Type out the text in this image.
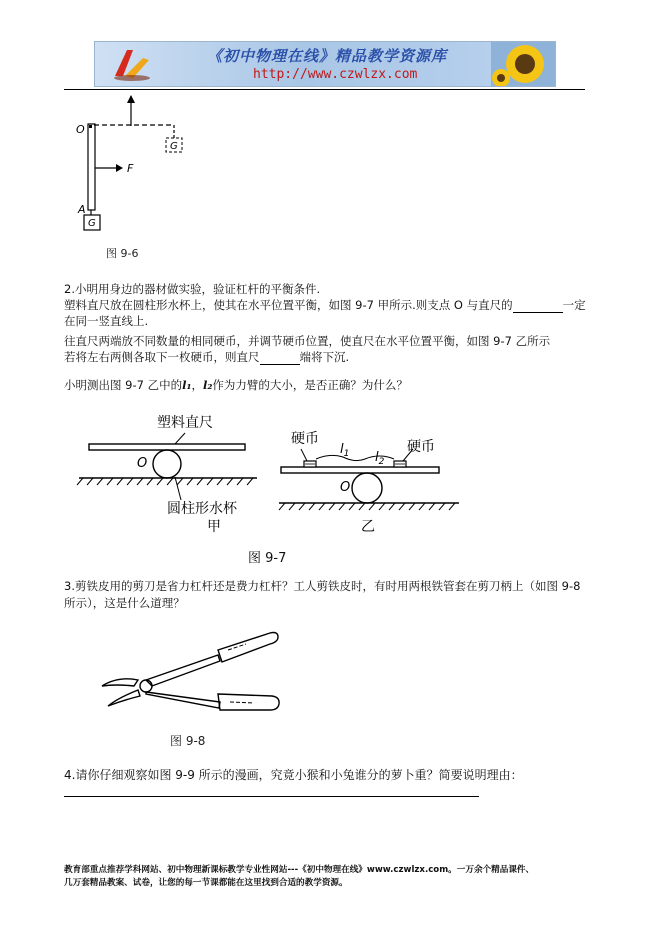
《初中物理在线》精品教学资源库
http://www.czwlzx.com
O
A
F
G
G
图 9-6
2.小明用身边的器材做实验，验证杠杆的平衡条件.
塑料直尺放在圆柱形水杯上，使其在水平位置平衡，如图 9-7 甲所示.则支点 O 与直尺的	一定
在同一竖直线上.
往直尺两端放不同数量的相同硬币，并调节硬币位置，使直尺在水平位置平衡，如图 9-7 乙所示
若将左右两侧各取下一枚硬币，则直尺	端将下沉.
小明测出图 9-7 乙中的l₁，l₂作为力臂的大小，是否正确？为什么？
塑料直尺
O
圆柱形水杯
甲
硬币	硬币
$l_1$ $l_2$
O
乙
图 9-7
3.剪铁皮用的剪刀是省力杠杆还是费力杠杆？工人剪铁皮时，有时用两根铁管套在剪刀柄上（如图 9-8
所示），这是什么道理？
图 9-8
4.请你仔细观察如图 9-9 所示的漫画，究竟小猴和小兔谁分的萝卜重？简要说明理由：
教育部重点推荐学科网站、初中物理新课标教学专业性网站---《初中物理在线》www.czwlzx.com。一万余个精品课件、
几万套精品教案、试卷，让您的每一节课都能在这里找到合适的教学资源。
